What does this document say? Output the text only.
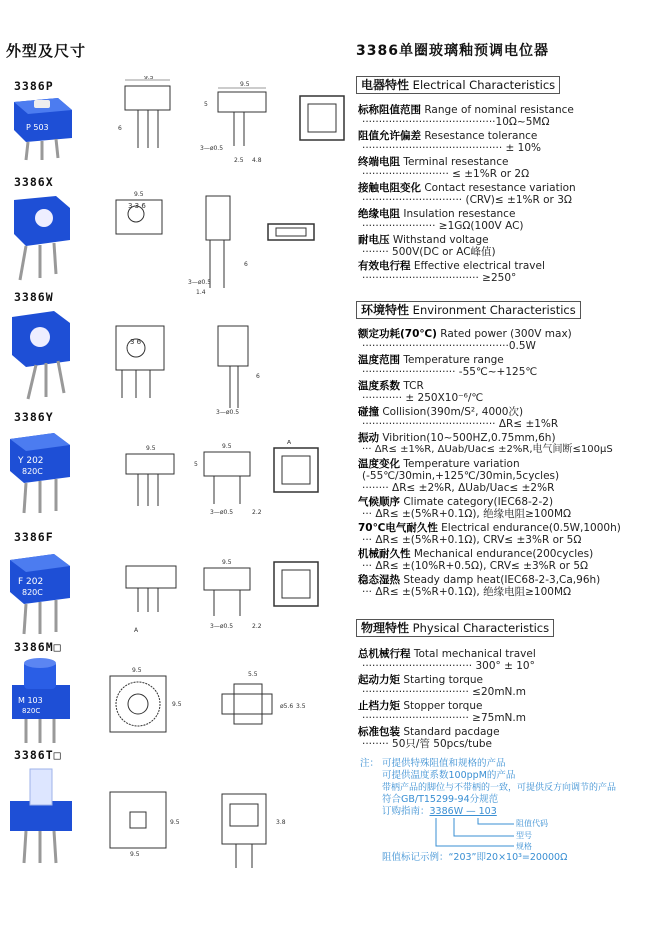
外型及尺寸	3386单圈玻璃釉预调电位器
3386P
3386X
3386W
3386Y
3386F
3386M□
3386T□
P 503
Y 202
820C
F 202
820C
M 103
820C
9.5
6
9.5
5
3—ø0.5
2.5 4.8
9.5
3 3 6
3—ø0.5
1.4
6
3 6
6
3—ø0.5
9.5	9.5
5
3—ø0.5	2.2
A
9.5
3—ø0.5	2.2
A
9.5
9.5
5.5
ø5.6 3.5
9.5
9.5	3.8
电器特性 Electrical Characteristics
标称阻值范围 Range of nominal resistance
········································10Ω~5MΩ
阻值允许偏差 Resestance tolerance
·········································· ± 10%
终端电阻 Terminal resestance
·························· ≤ ±1%R or 2Ω
接触电阻变化 Contact resestance variation
······························ (CRV)≤ ±1%R or 3Ω
绝缘电阻 Insulation resestance
······················ ≥1GΩ(100V AC)
耐电压 Withstand voltage
········ 500V(DC or AC峰值)
有效电行程 Effective electrical travel
··································· ≥250°
环境特性 Environment Characteristics
额定功耗(70℃) Rated power (300V max)
············································0.5W
温度范围 Temperature range
···························· -55℃~+125℃
温度系数 TCR
············ ± 250X10⁻⁶/℃
碰撞 Collision(390m/S², 4000次)
········································ ΔR≤ ±1%R
振动 Vibrition(10~500HZ,0.75mm,6h)
··· ΔR≤ ±1%R, ΔUab/Uac≤ ±2%R,电气间断≤100μS
温度变化 Temperature variation
(-55℃/30min,+125℃/30min,5cycles)
········ ΔR≤ ±2%R, ΔUab/Uac≤ ±2%R
气候顺序 Climate category(IEC68-2-2)
··· ΔR≤ ±(5%R+0.1Ω), 绝缘电阻≥100MΩ
70℃电气耐久性 Electrical endurance(0.5W,1000h)
··· ΔR≤ ±(5%R+0.1Ω), CRV≤ ±3%R or 5Ω
机械耐久性 Mechanical endurance(200cycles)
··· ΔR≤ ±(10%R+0.5Ω), CRV≤ ±3%R or 5Ω
稳态湿热 Steady damp heat(IEC68-2-3,Ca,96h)
··· ΔR≤ ±(5%R+0.1Ω), 绝缘电阻≥100MΩ
物理特性 Physical Characteristics
总机械行程 Total mechanical travel
································· 300° ± 10°
起动力矩 Starting torque
································ ≤20mN.m
止档力矩 Stopper torque
································ ≥75mN.m
标准包装 Standard pacdage
········ 50只/管 50pcs/tube
注： 可提供特殊阻值和规格的产品
可提供温度系数100ppM的产品
带柄产品的脚位与不带柄的一致，可提供反方向调节的产品
符合GB/T15299-94分规范
订购指南：3386W — 103
阻值代码
型号
规格
阻值标记示例：“203”即20×10³=20000Ω
